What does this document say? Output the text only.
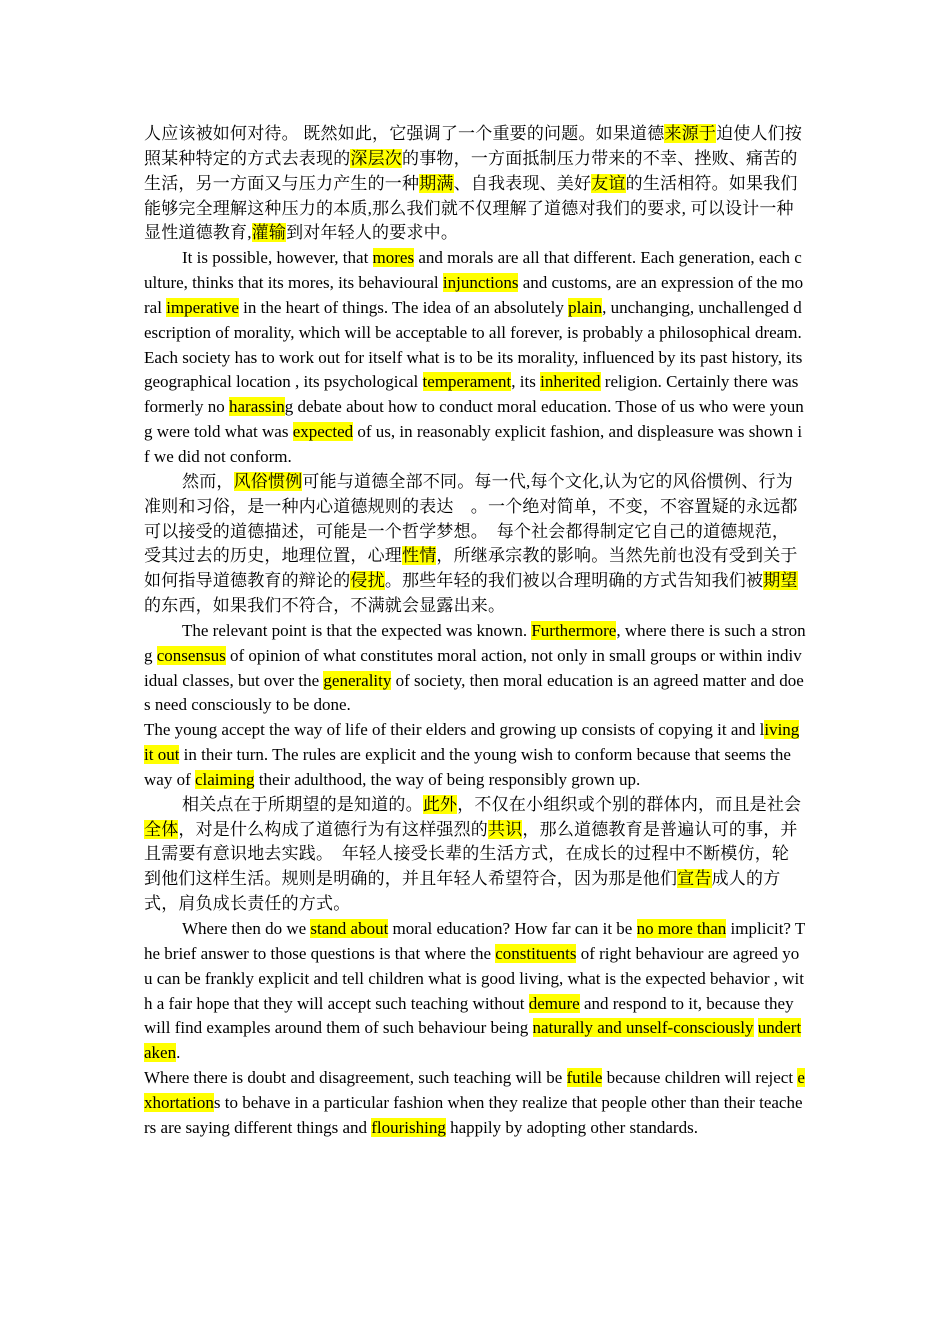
人应该被如何对待。 既然如此，它强调了一个重要的问题。如果道德来源于迫使人们按照某种特定的方式去表现的深层次的事物，一方面抵制压力带来的不幸、挫败、痛苦的生活，另一方面又与压力产生的一种期满、自我表现、美好友谊的生活相符。如果我们能够完全理解这种压力的本质,那么我们就不仅理解了道德对我们的要求, 可以设计一种显性道德教育,灌输到对年轻人的要求中。

It is possible, however, that mores and morals are all that different. Each generation, each culture, thinks that its mores, its behavioural injunctions and customs, are an expression of the moral imperative in the heart of things. The idea of an absolutely plain, unchanging, unchallenged description of morality, which will be acceptable to all forever, is probably a philosophical dream.

Each society has to work out for itself what is to be its morality, influenced by its past history, its geographical location , its psychological temperament, its inherited religion. Certainly there was formerly no harassing debate about how to conduct moral education. Those of us who were young were told what was expected of us, in reasonably explicit fashion, and displeasure was shown if we did not conform.

然而，风俗惯例可能与道德全部不同。每一代,每个文化,认为它的风俗惯例、行为准则和习俗，是一种内心道德规则的表达　。一个绝对简单，不变，不容置疑的永远都可以接受的道德描述，可能是一个哲学梦想。　每个社会都得制定它自己的道德规范，受其过去的历史，地理位置，心理性情，所继承宗教的影响。当然先前也没有受到关于如何指导道德教育的辩论的侵扰。那些年轻的我们被以合理明确的方式告知我们被期望的东西，如果我们不符合，不满就会显露出来。

The relevant point is that the expected was known. Furthermore, where there is such a strong consensus of opinion of what constitutes moral action, not only in small groups or within individual classes, but over the generality of society, then moral education is an agreed matter and does need consciously to be done.

The young accept the way of life of their elders and growing up consists of copying it and living it out in their turn. The rules are explicit and the young wish to conform because that seems the way of claiming their adulthood, the way of being responsibly grown up.

相关点在于所期望的是知道的。此外，不仅在小组织或个别的群体内，而且是社会全体，对是什么构成了道德行为有这样强烈的共识，那么道德教育是普遍认可的事，并且需要有意识地去实践。　年轻人接受长辈的生活方式，在成长的过程中不断模仿，轮到他们这样生活。规则是明确的，并且年轻人希望符合，因为那是他们宣告成人的方式，肩负成长责任的方式。

Where then do we stand about moral education? How far can it be no more than implicit? The brief answer to those questions is that where the constituents of right behaviour are agreed you can be frankly explicit and tell children what is good living, what is the expected behavior , with a fair hope that they will accept such teaching without demure and respond to it, because they will find examples around them of such behaviour being naturally and unself-consciously undertaken.

Where there is doubt and disagreement, such teaching will be futile because children will reject exhortations to behave in a particular fashion when they realize that people other than their teachers are saying different things and flourishing happily by adopting other standards.
